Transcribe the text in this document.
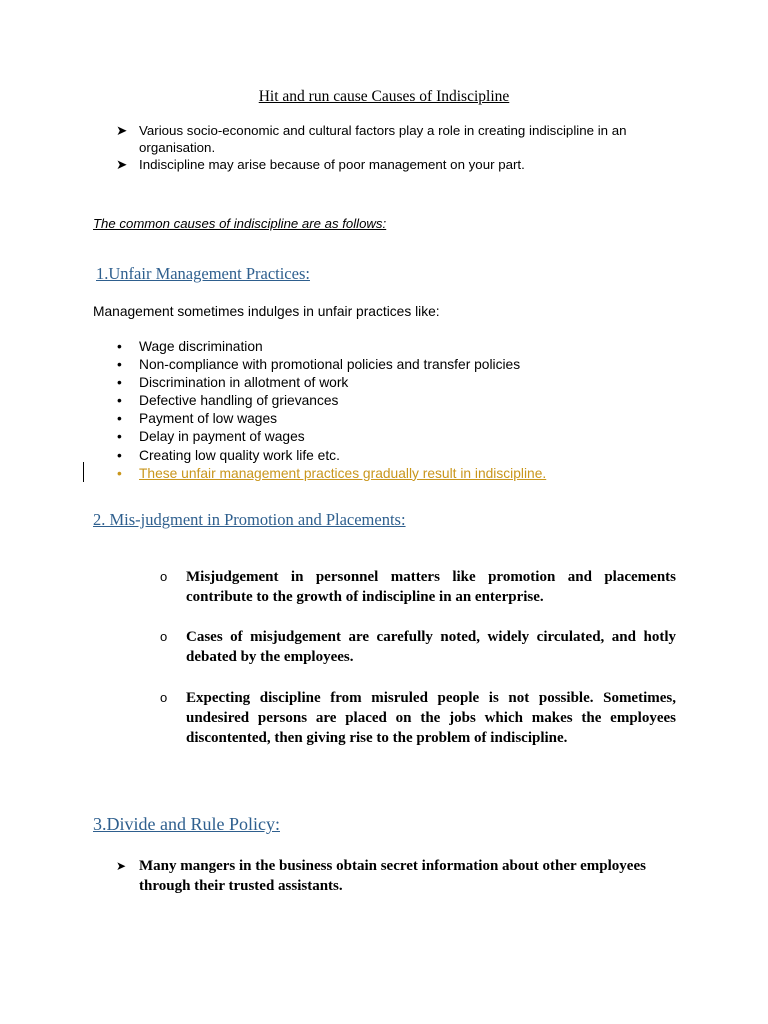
Hit and run cause Causes of Indiscipline
➤ Various socio-economic and cultural factors play a role in creating indiscipline in an organisation.
➤ Indiscipline may arise because of poor management on your part.
The common causes of indiscipline are as follows:
1.Unfair Management Practices:
Management sometimes indulges in unfair practices like:
• Wage discrimination
• Non-compliance with promotional policies and transfer policies
• Discrimination in allotment of work
• Defective handling of grievances
• Payment of low wages
• Delay in payment of wages
• Creating low quality work life etc.
• These unfair management practices gradually result in indiscipline.
2. Mis-judgment in Promotion and Placements:
o Misjudgement in personnel matters like promotion and placements contribute to the growth of indiscipline in an enterprise.
o Cases of misjudgement are carefully noted, widely circulated, and hotly debated by the employees.
o Expecting discipline from misruled people is not possible. Sometimes, undesired persons are placed on the jobs which makes the employees discontented, then giving rise to the problem of indiscipline.
3.Divide and Rule Policy:
➤ Many mangers in the business obtain secret information about other employees through their trusted assistants.
